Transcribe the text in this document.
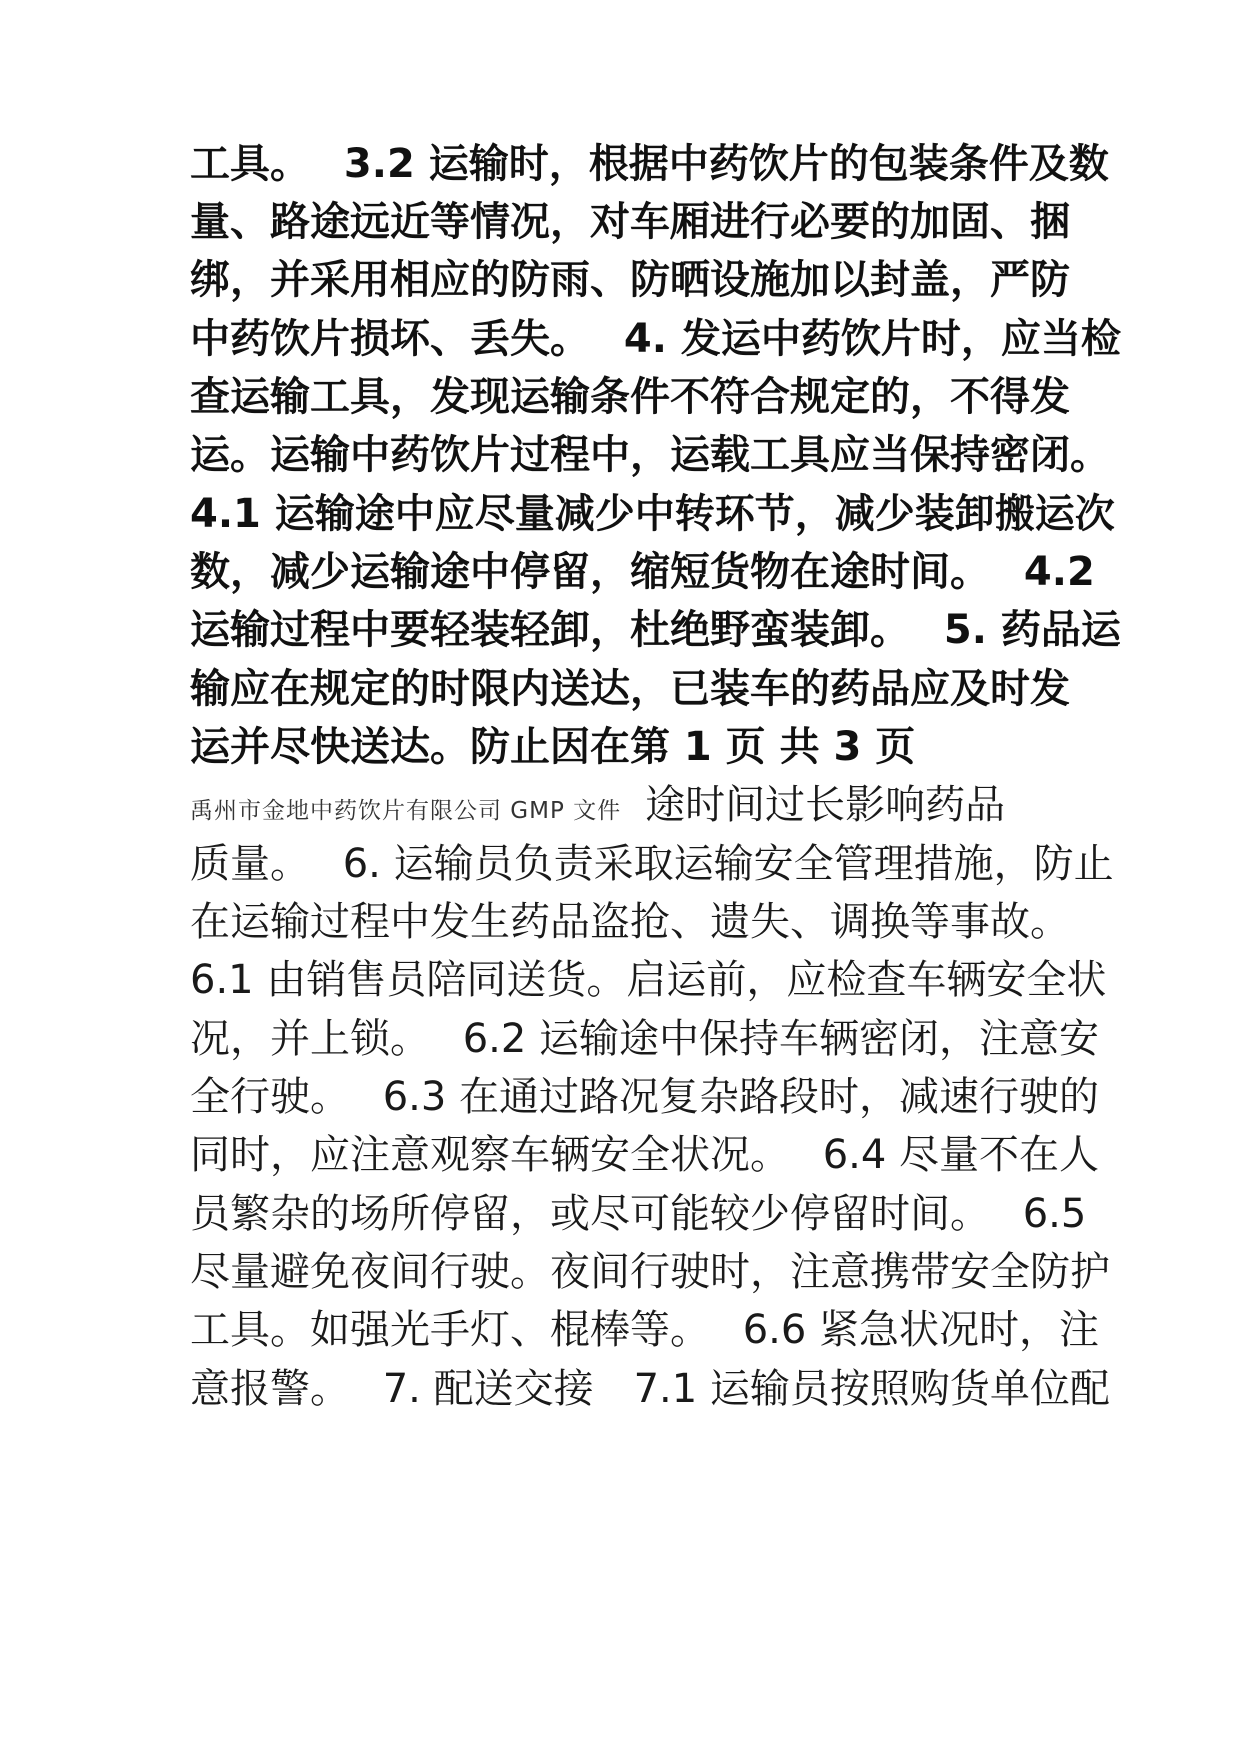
工具。　 3.2 运输时，根据中药饮片的包装条件及数
量、路途远近等情况，对车厢进行必要的加固、捆
绑，并采用相应的防雨、防晒设施加以封盖，严防
中药饮片损坏、丢失。　 4. 发运中药饮片时，应当检
查运输工具，发现运输条件不符合规定的，不得发
运。运输中药饮片过程中，运载工具应当保持密闭。
4.1 运输途中应尽量减少中转环节，减少装卸搬运次
数，减少运输途中停留，缩短货物在途时间。　 4.2
运输过程中要轻装轻卸，杜绝野蛮装卸。　 5. 药品运
输应在规定的时限内送达，已装车的药品应及时发
运并尽快送达。防止因在第 1 页 共 3 页
禹州市金地中药饮片有限公司 GMP 文件 途时间过长影响药品
质量。　 6. 运输员负责采取运输安全管理措施，防止
在运输过程中发生药品盗抢、遗失、调换等事故。
6.1 由销售员陪同送货。启运前，应检查车辆安全状
况，并上锁。　 6.2 运输途中保持车辆密闭，注意安
全行驶。　 6.3 在通过路况复杂路段时，减速行驶的
同时，应注意观察车辆安全状况。　 6.4 尽量不在人
员繁杂的场所停留，或尽可能较少停留时间。　 6.5
尽量避免夜间行驶。夜间行驶时，注意携带安全防护
工具。如强光手灯、棍棒等。　 6.6 紧急状况时，注
意报警。　 7. 配送交接　7.1 运输员按照购货单位配
